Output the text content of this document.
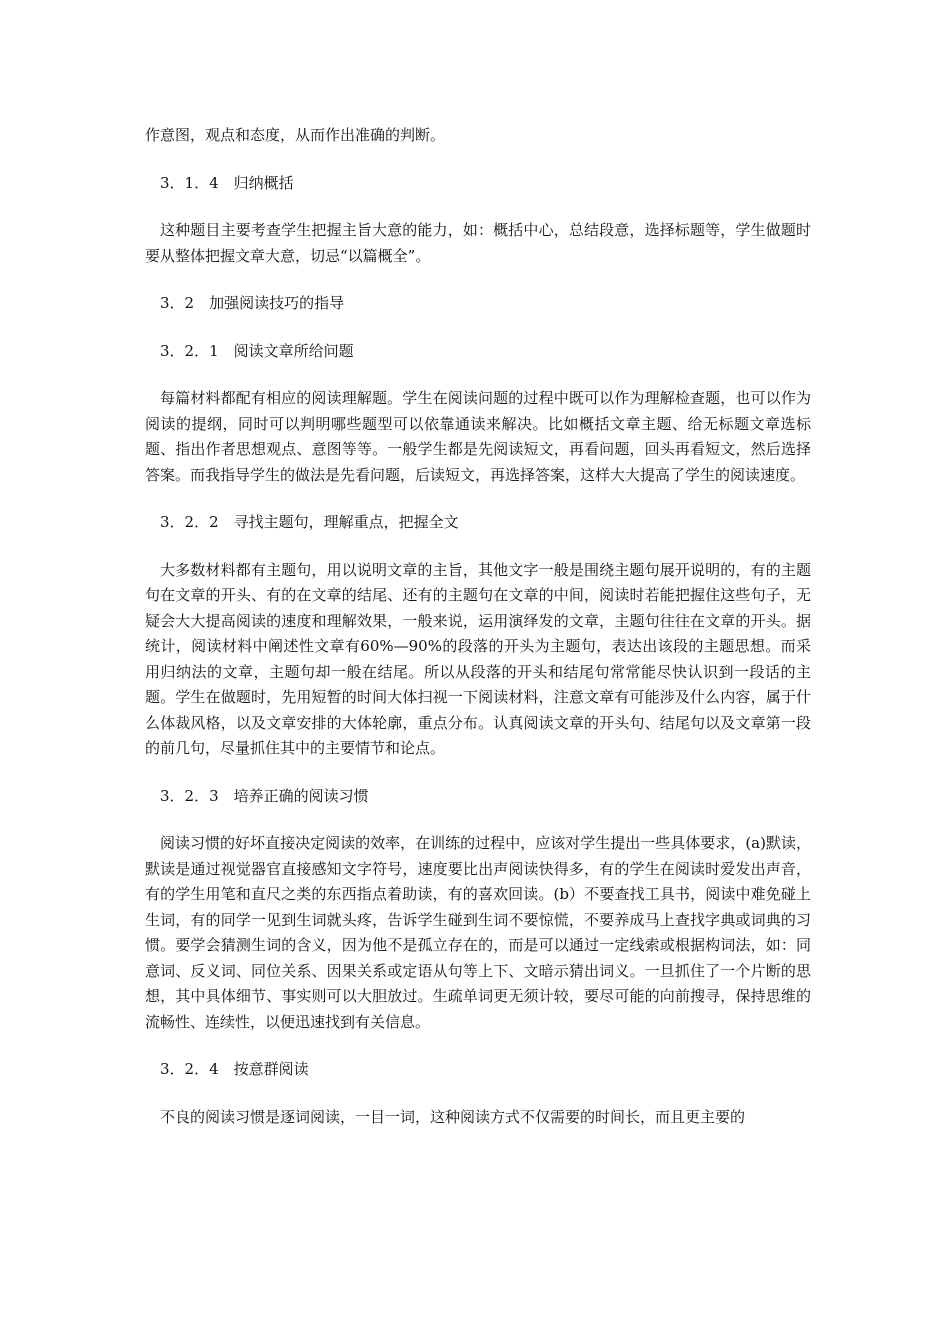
作意图，观点和态度，从而作出准确的判断。

3．1．4　归纳概括

这种题目主要考查学生把握主旨大意的能力，如：概括中心，总结段意，选择标题等，学生做题时要从整体把握文章大意，切忌“以篇概全”。

3．2　加强阅读技巧的指导

3．2．1　阅读文章所给问题

每篇材料都配有相应的阅读理解题。学生在阅读问题的过程中既可以作为理解检查题，也可以作为阅读的提纲，同时可以判明哪些题型可以依靠通读来解决。比如概括文章主题、给无标题文章选标题、指出作者思想观点、意图等等。一般学生都是先阅读短文，再看问题，回头再看短文，然后选择答案。而我指导学生的做法是先看问题，后读短文，再选择答案，这样大大提高了学生的阅读速度。

3．2．2　寻找主题句，理解重点，把握全文

大多数材料都有主题句，用以说明文章的主旨，其他文字一般是围绕主题句展开说明的，有的主题句在文章的开头、有的在文章的结尾、还有的主题句在文章的中间，阅读时若能把握住这些句子，无疑会大大提高阅读的速度和理解效果，一般来说，运用演绎发的文章，主题句往往在文章的开头。据统计，阅读材料中阐述性文章有60%—90%的段落的开头为主题句，表达出该段的主题思想。而采用归纳法的文章，主题句却一般在结尾。所以从段落的开头和结尾句常常能尽快认识到一段话的主题。学生在做题时，先用短暂的时间大体扫视一下阅读材料，注意文章有可能涉及什么内容，属于什么体裁风格，以及文章安排的大体轮廓，重点分布。认真阅读文章的开头句、结尾句以及文章第一段的前几句，尽量抓住其中的主要情节和论点。

3．2．3　培养正确的阅读习惯

阅读习惯的好坏直接决定阅读的效率，在训练的过程中，应该对学生提出一些具体要求，(a)默读，默读是通过视觉器官直接感知文字符号，速度要比出声阅读快得多，有的学生在阅读时爱发出声音，有的学生用笔和直尺之类的东西指点着助读，有的喜欢回读。(b）不要查找工具书，阅读中难免碰上生词，有的同学一见到生词就头疼，告诉学生碰到生词不要惊慌，不要养成马上查找字典或词典的习惯。要学会猜测生词的含义，因为他不是孤立存在的，而是可以通过一定线索或根据构词法，如：同意词、反义词、同位关系、因果关系或定语从句等上下、文暗示猜出词义。一旦抓住了一个片断的思想，其中具体细节、事实则可以大胆放过。生疏单词更无须计较，要尽可能的向前搜寻，保持思维的流畅性、连续性，以便迅速找到有关信息。

3．2．4　按意群阅读

不良的阅读习惯是逐词阅读，一目一词，这种阅读方式不仅需要的时间长，而且更主要的
